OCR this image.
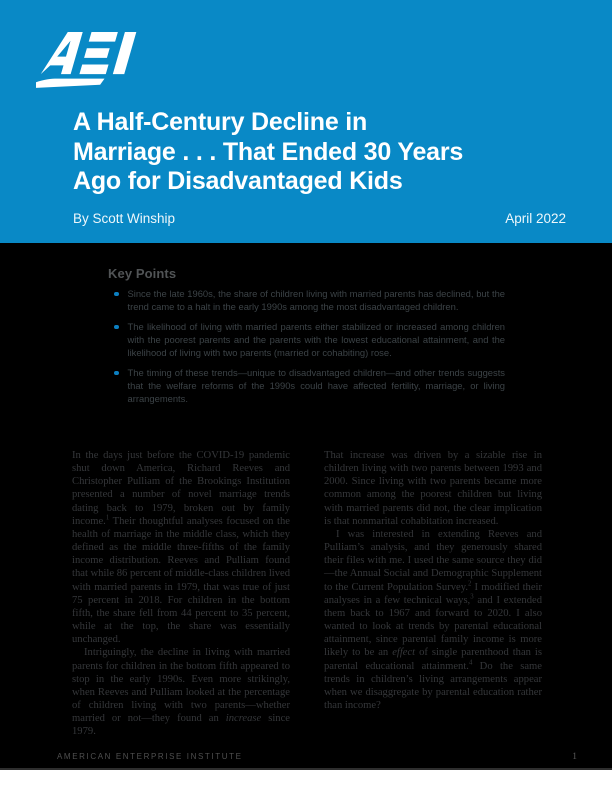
A Half-Century Decline in
Marriage . . . That Ended 30 Years
Ago for Disadvantaged Kids
By Scott Winship	April 2022
Key Points
Since the late 1960s, the share of children living with married parents has declined, but the trend came to a halt in the early 1990s among the most disadvantaged children.
The likelihood of living with married parents either stabilized or increased among children with the poorest parents and the parents with the lowest educational attainment, and the likelihood of living with two parents (married or cohabiting) rose.
The timing of these trends—unique to disadvantaged children—and other trends suggests that the welfare reforms of the 1990s could have affected fertility, marriage, or living arrangements.

In the days just before the COVID-19 pandemic shut down America, Richard Reeves and Christopher Pulliam of the Brookings Institution presented a number of novel marriage trends dating back to 1979, broken out by family income.$^1$ Their thoughtful analyses focused on the health of marriage in the middle class, which they defined as the middle three-fifths of the family income distribution. Reeves and Pulliam found that while 86 percent of middle-class children lived with married parents in 1979, that was true of just 75 percent in 2018. For children in the bottom fifth, the share fell from 44 percent to 35 percent, while at the top, the share was essentially unchanged.

Intriguingly, the decline in living with married parents for children in the bottom fifth appeared to stop in the early 1990s. Even more strikingly, when Reeves and Pulliam looked at the percentage of children living with two parents—whether married or not—they found an increase since 1979.

That increase was driven by a sizable rise in children living with two parents between 1993 and 2000. Since living with two parents became more common among the poorest children but living with married parents did not, the clear implication is that nonmarital cohabitation increased.

I was interested in extending Reeves and Pulliam’s analysis, and they generously shared their files with me. I used the same source they did—the Annual Social and Demographic Supplement to the Current Population Survey.$^2$ I modified their analyses in a few technical ways,$^3$ and I extended them back to 1967 and forward to 2020. I also wanted to look at trends by parental educational attainment, since parental family income is more likely to be an effect of single parenthood than is parental educational attainment.$^4$ Do the same trends in children’s living arrangements appear when we disaggregate by parental education rather than income?

AMERICAN ENTERPRISE INSTITUTE	1
